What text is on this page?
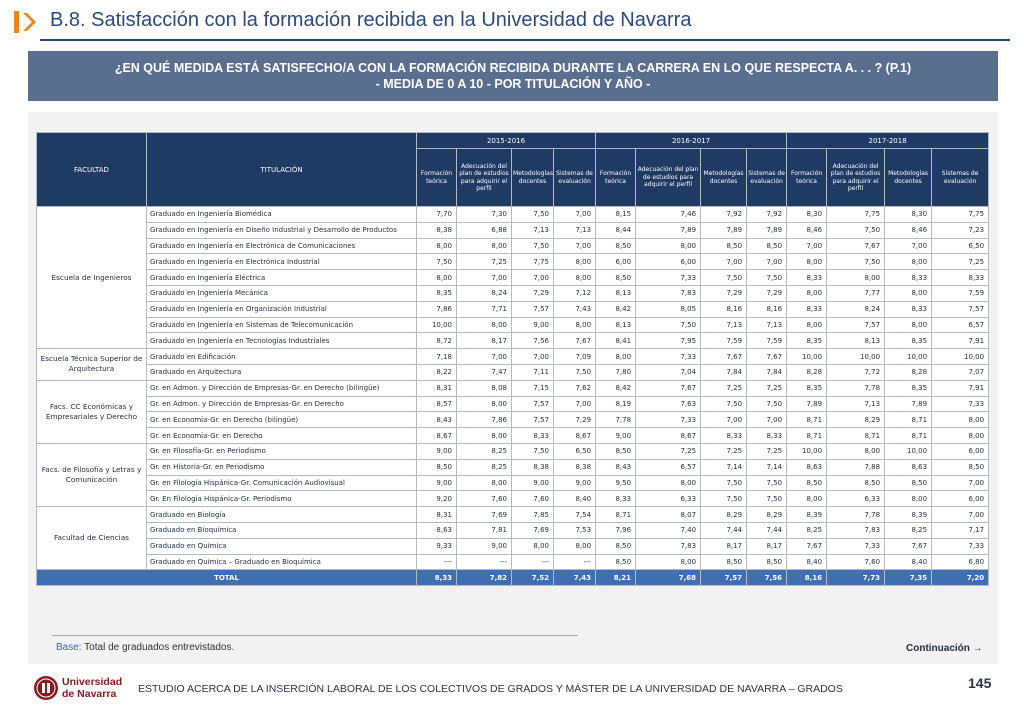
B.8. Satisfacción con la formación recibida en la Universidad de Navarra
¿EN QUÉ MEDIDA ESTÁ SATISFECHO/A CON LA FORMACIÓN RECIBIDA DURANTE LA CARRERA EN LO QUE RESPECTA A. . . ? (P.1)
- MEDIA DE 0 A 10 - POR TITULACIÓN Y AÑO -
FACULTAD	TITULACIÓN	2015-2016				2016-2017				2017-2018			
		Formación teórica	Adecuación del plan de estudios para adquirir el perfil	Metodologías docentes	Sistemas de evaluación	Formación teórica	Adecuación del plan de estudios para adquirir el perfil	Metodologías docentes	Sistemas de evaluación	Formación teórica	Adecuación del plan de estudios para adquirir el perfil	Metodologías docentes	Sistemas de evaluación
Escuela de Ingenieros	Graduado en Ingeniería Biomédica	7,70	7,30	7,50	7,00	8,15	7,46	7,92	7,92	8,30	7,75	8,30	7,75
	Graduado en Ingeniería en Diseño Industrial y Desarrollo de Productos	8,38	6,88	7,13	7,13	8,44	7,89	7,89	7,89	8,46	7,50	8,46	7,23
	Graduado en Ingeniería en Electrónica de Comunicaciones	8,00	8,00	7,50	7,00	8,50	8,00	8,50	8,50	7,00	7,67	7,00	6,50
	Graduado en Ingeniería en Electrónica Industrial	7,50	7,25	7,75	8,00	6,00	6,00	7,00	7,00	8,00	7,50	8,00	7,25
	Graduado en Ingeniería Eléctrica	8,00	7,00	7,00	8,00	8,50	7,33	7,50	7,50	8,33	8,00	8,33	8,33
	Graduado en Ingeniería Mecánica	8,35	8,24	7,29	7,12	8,13	7,83	7,29	7,29	8,00	7,77	8,00	7,59
	Graduado en Ingeniería en Organización Industrial	7,86	7,71	7,57	7,43	8,42	8,05	8,16	8,16	8,33	8,24	8,33	7,57
	Graduado en Ingeniería en Sistemas de Telecomunicación	10,00	8,00	9,00	8,00	8,13	7,50	7,13	7,13	8,00	7,57	8,00	6,57
	Graduado en Ingeniería en Tecnologías Industriales	8,72	8,17	7,56	7,67	8,41	7,95	7,59	7,59	8,35	8,13	8,35	7,91
Escuela Técnica Superior de Arquitectura	Graduado en Edificación	7,18	7,00	7,00	7,09	8,00	7,33	7,67	7,67	10,00	10,00	10,00	10,00
	Graduado en Arquitectura	8,22	7,47	7,11	7,50	7,80	7,04	7,84	7,84	8,28	7,72	8,28	7,07
Facs. CC Económicas y Empresariales y Derecho	Gr. en Admon. y Dirección de Empresas-Gr. en Derecho (bilingüe)	8,31	8,08	7,15	7,62	8,42	7,67	7,25	7,25	8,35	7,78	8,35	7,91
	Gr. en Admon. y Dirección de Empresas-Gr. en Derecho	8,57	8,00	7,57	7,00	8,19	7,63	7,50	7,50	7,89	7,13	7,89	7,33
	Gr. en Economía-Gr. en Derecho (bilingüe)	8,43	7,86	7,57	7,29	7,78	7,33	7,00	7,00	8,71	8,29	8,71	8,00
	Gr. en Economía-Gr. en Derecho	8,67	8,00	8,33	8,67	9,00	8,67	8,33	8,33	8,71	8,71	8,71	8,00
Facs. de Filosofía y Letras y Comunicación	Gr. en Filosofía-Gr. en Periodismo	9,00	8,25	7,50	6,50	8,50	7,25	7,25	7,25	10,00	8,00	10,00	6,00
	Gr. en Historia-Gr. en Periodismo	8,50	8,25	8,38	8,38	8,43	6,57	7,14	7,14	8,63	7,88	8,63	8,50
	Gr. en Filología Hispánica-Gr. Comunicación Audiovisual	9,00	8,00	9,00	9,00	9,50	8,00	7,50	7,50	8,50	8,50	8,50	7,00
	Gr. En Filología Hispánica-Gr. Periodismo	9,20	7,60	7,60	8,40	8,33	6,33	7,50	7,50	8,00	6,33	8,00	6,00
Facultad de Ciencias	Graduado en Biología	8,31	7,69	7,85	7,54	8,71	8,07	8,29	8,29	8,39	7,78	8,39	7,00
	Graduado en Bioquímica	8,63	7,81	7,69	7,53	7,96	7,40	7,44	7,44	8,25	7,83	8,25	7,17
	Graduado en Química	9,33	9,00	8,00	8,00	8,50	7,83	8,17	8,17	7,67	7,33	7,67	7,33
	Graduado en Química – Graduado en Bioquímica	---	---	---	---	8,50	8,00	8,50	8,50	8,40	7,60	8,40	6,80
TOTAL		8,33	7,82	7,52	7,43	8,21	7,68	7,57	7,56	8,16	7,73	7,35	7,20
Base: Total de graduados entrevistados.	Continuación →
Universidad
de Navarra	ESTUDIO ACERCA DE LA INSERCIÓN LABORAL DE LOS COLECTIVOS DE GRADOS Y MÁSTER DE LA UNIVERSIDAD DE NAVARRA – GRADOS	145
